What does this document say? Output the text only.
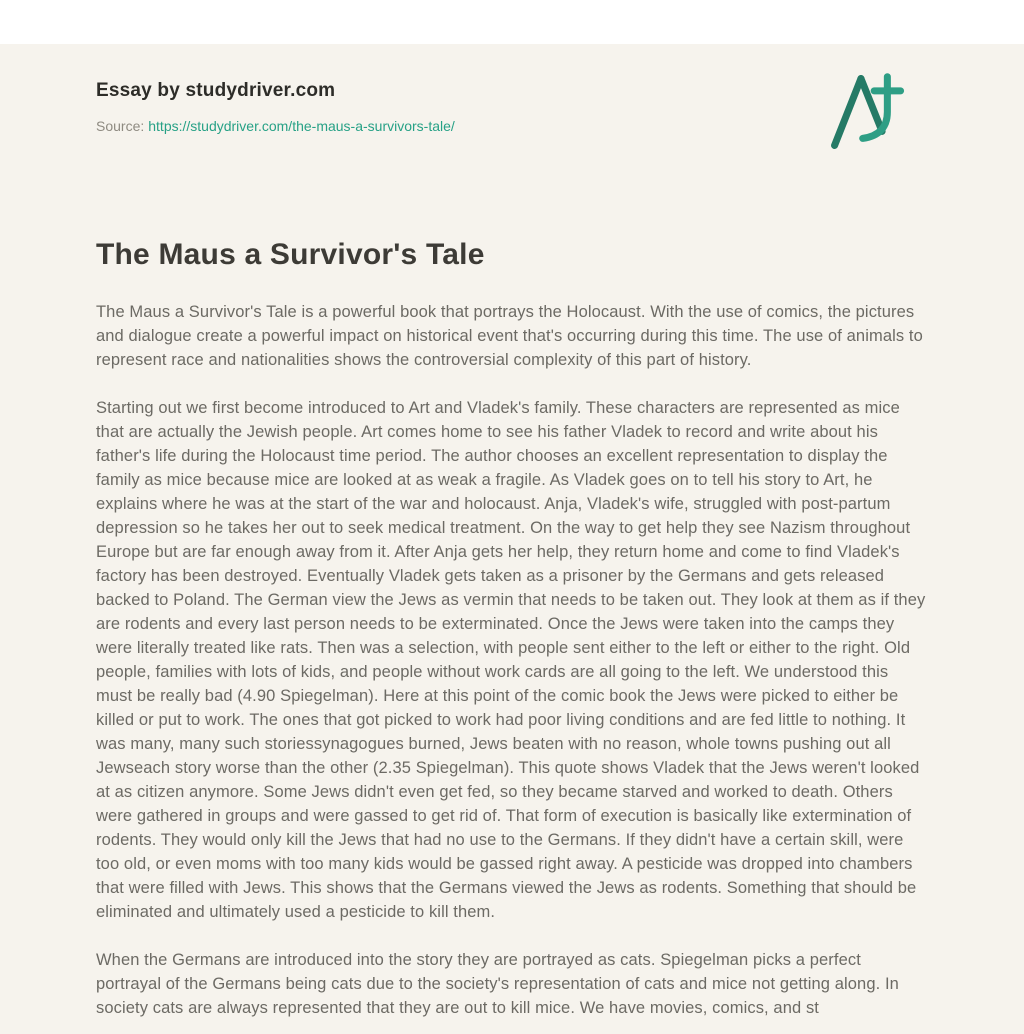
Essay by studydriver.com
Source: https://studydriver.com/the-maus-a-survivors-tale/
The Maus a Survivor's Tale

The Maus a Survivor's Tale is a powerful book that portrays the Holocaust. With the use of comics, the pictures and dialogue create a powerful impact on historical event that's occurring during this time. The use of animals to represent race and nationalities shows the controversial complexity of this part of history.

Starting out we first become introduced to Art and Vladek's family. These characters are represented as mice that are actually the Jewish people. Art comes home to see his father Vladek to record and write about his father's life during the Holocaust time period. The author chooses an excellent representation to display the family as mice because mice are looked at as weak a fragile. As Vladek goes on to tell his story to Art, he explains where he was at the start of the war and holocaust. Anja, Vladek's wife, struggled with post-partum depression so he takes her out to seek medical treatment. On the way to get help they see Nazism throughout Europe but are far enough away from it. After Anja gets her help, they return home and come to find Vladek's factory has been destroyed. Eventually Vladek gets taken as a prisoner by the Germans and gets released backed to Poland. The German view the Jews as vermin that needs to be taken out. They look at them as if they are rodents and every last person needs to be exterminated. Once the Jews were taken into the camps they were literally treated like rats. Then was a selection, with people sent either to the left or either to the right. Old people, families with lots of kids, and people without work cards are all going to the left. We understood this must be really bad (4.90 Spiegelman). Here at this point of the comic book the Jews were picked to either be killed or put to work. The ones that got picked to work had poor living conditions and are fed little to nothing. It was many, many such storiessynagogues burned, Jews beaten with no reason, whole towns pushing out all Jewseach story worse than the other (2.35 Spiegelman). This quote shows Vladek that the Jews weren't looked at as citizen anymore. Some Jews didn't even get fed, so they became starved and worked to death. Others were gathered in groups and were gassed to get rid of. That form of execution is basically like extermination of rodents. They would only kill the Jews that had no use to the Germans. If they didn't have a certain skill, were too old, or even moms with too many kids would be gassed right away. A pesticide was dropped into chambers that were filled with Jews. This shows that the Germans viewed the Jews as rodents. Something that should be eliminated and ultimately used a pesticide to kill them.

When the Germans are introduced into the story they are portrayed as cats. Spiegelman picks a perfect portrayal of the Germans being cats due to the society's representation of cats and mice not getting along. In society cats are always represented that they are out to kill mice. We have movies, comics, and st
